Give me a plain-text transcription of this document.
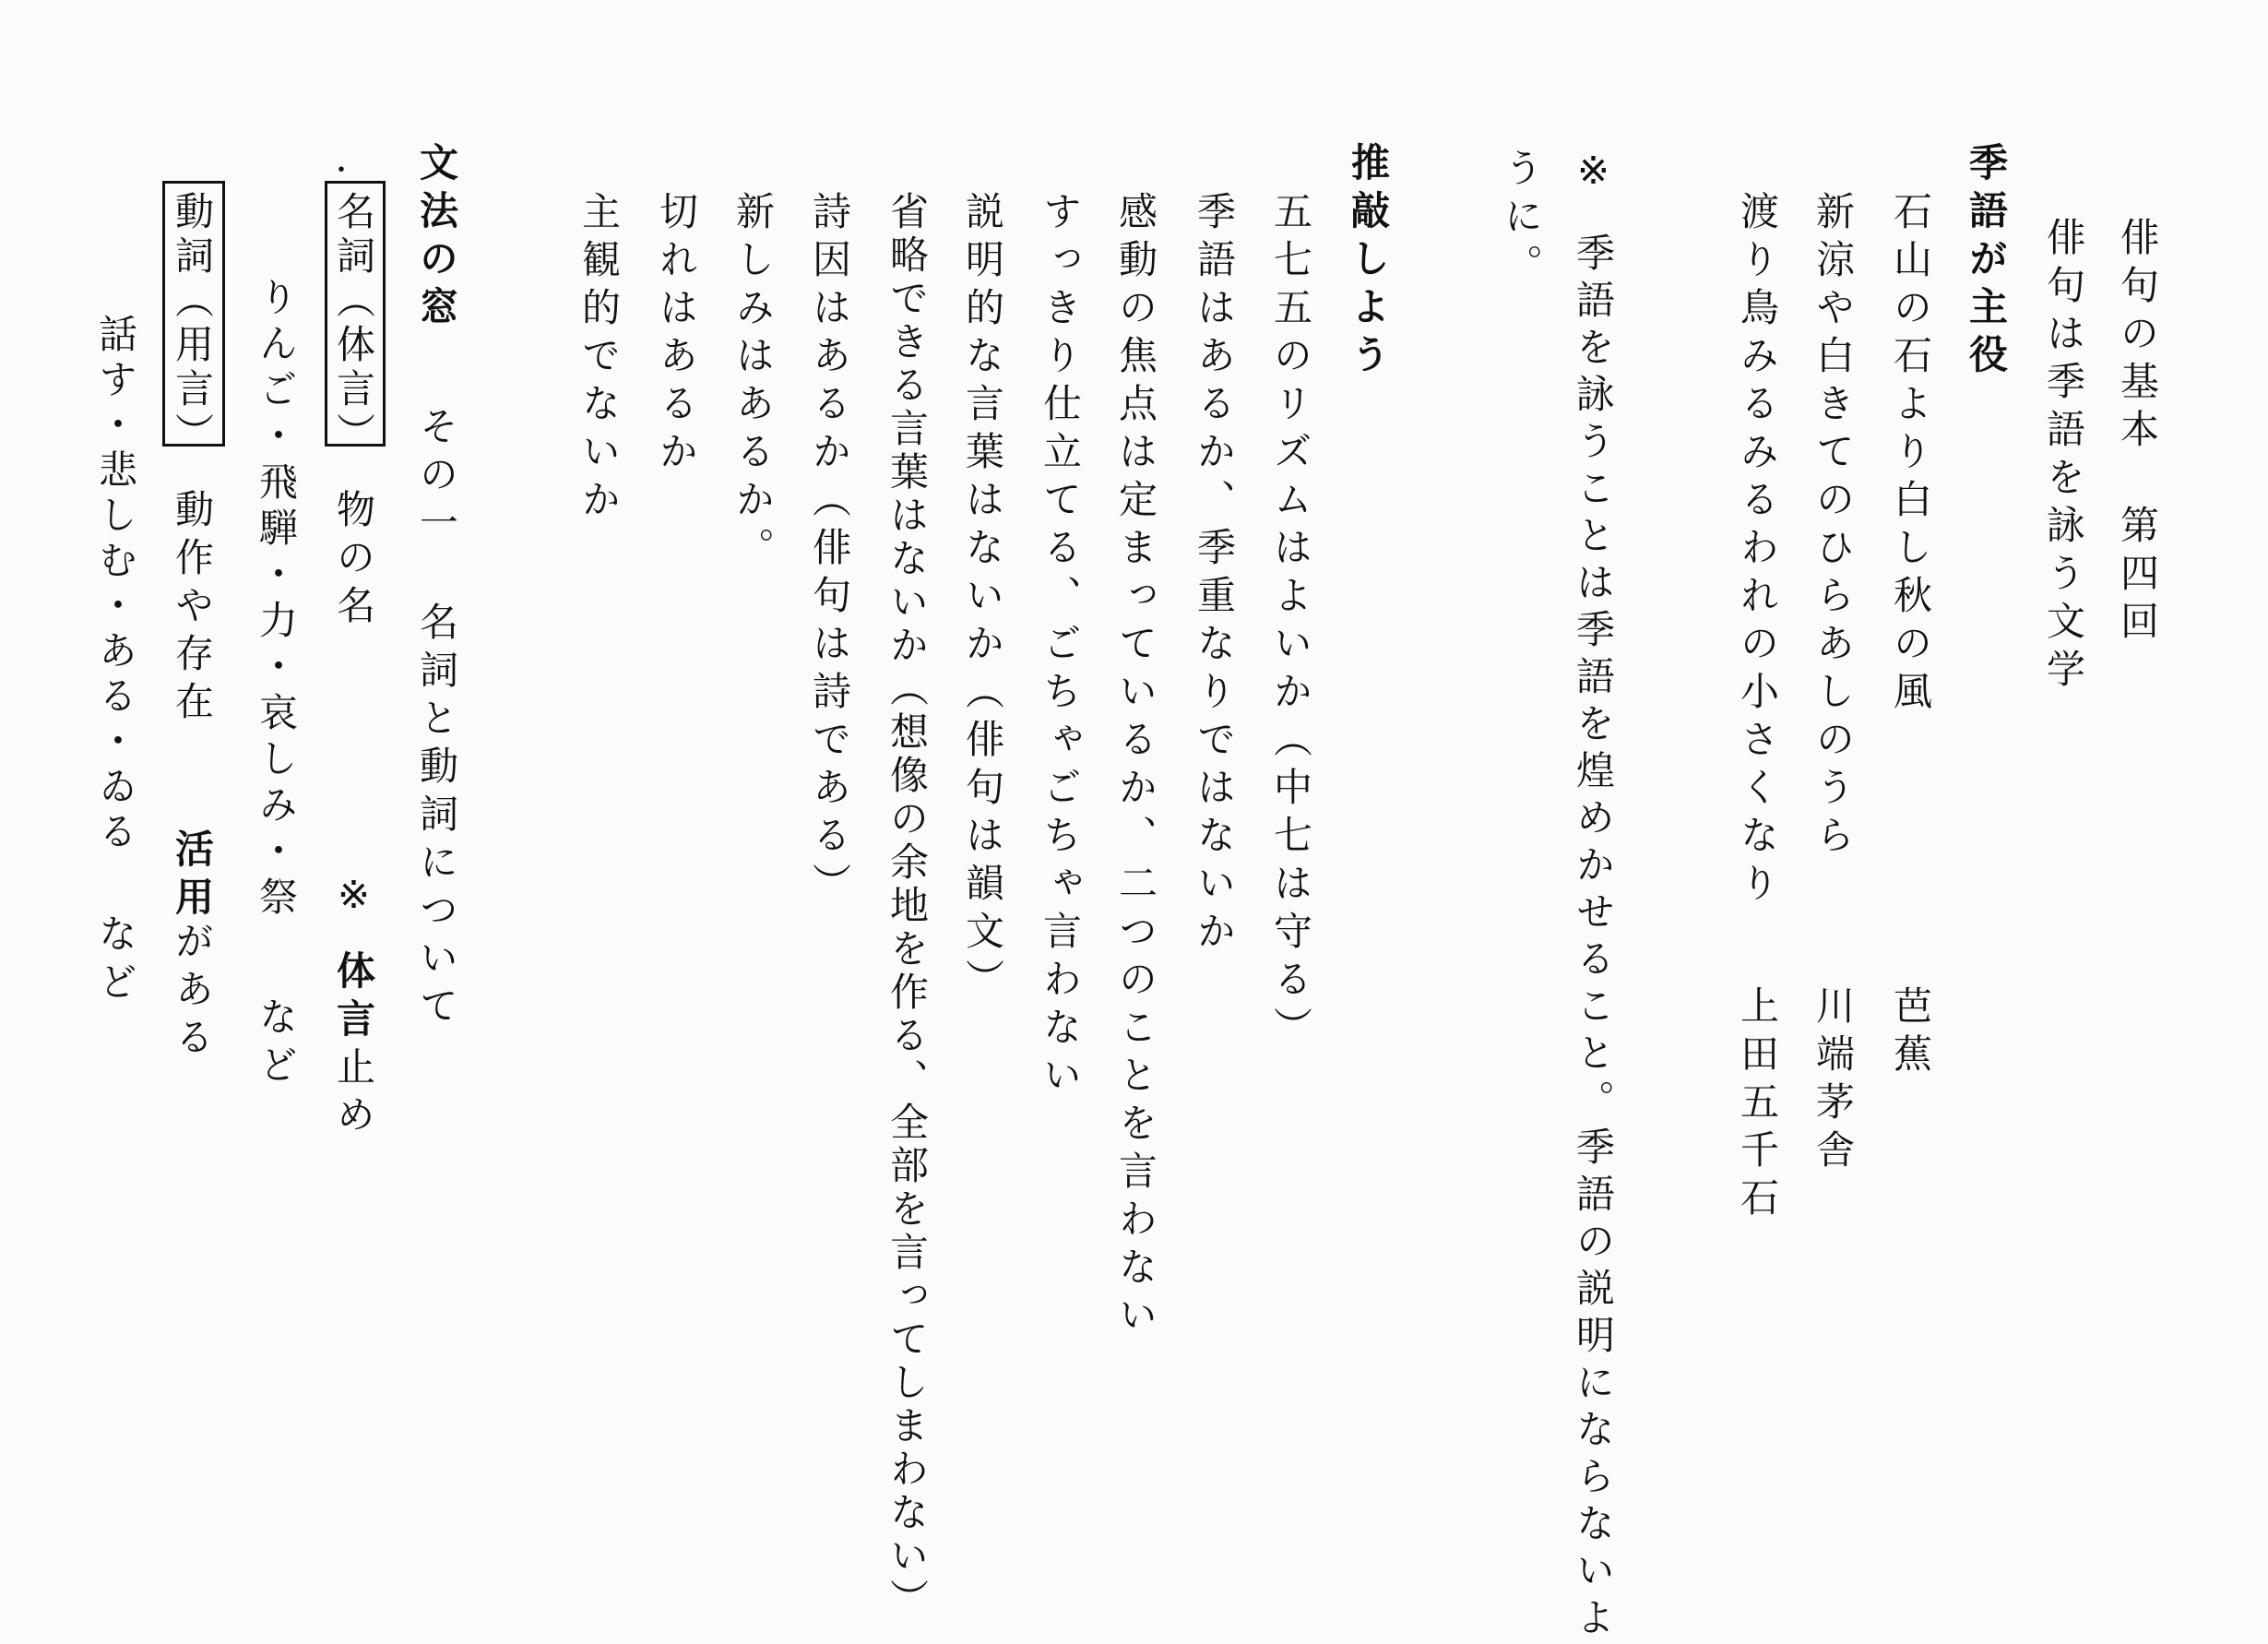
俳句の基本　第四回

俳句は季語を詠う文学

季語が主役

石山の石より白し秋の風

芭蕉

新涼や白きてのひらあしのうら

川端茅舎

渡り鳥みるみるわれの小さくなり

上田五千石

※

季語を詠うことは季語を煌めかせること。季語の説明にならないよ

うに。

推敲しよう

五七五のリズムはよいか（中七は守る）

季語はあるか、季重なりではないか

感動の焦点は定まっているか、二つのことを言わない

すっきり仕立てる、ごちゃごちゃ言わない

説明的な言葉はないか（俳句は韻文）

省略できる言葉はないか（想像の余地を作る、全部を言ってしまわない）

詩因はあるか（俳句は詩である）

新しみはあるか。

切れはあるか

主観的でないか

文法の窓

その一

名詞と動詞について

・

名詞（体言）

物の名

※

体言

止め

りんご・飛騨・力・哀しみ・祭

など

動詞（用言）

動作や存在

活用

がある

話す・悲しむ・ある・ゐる

など
